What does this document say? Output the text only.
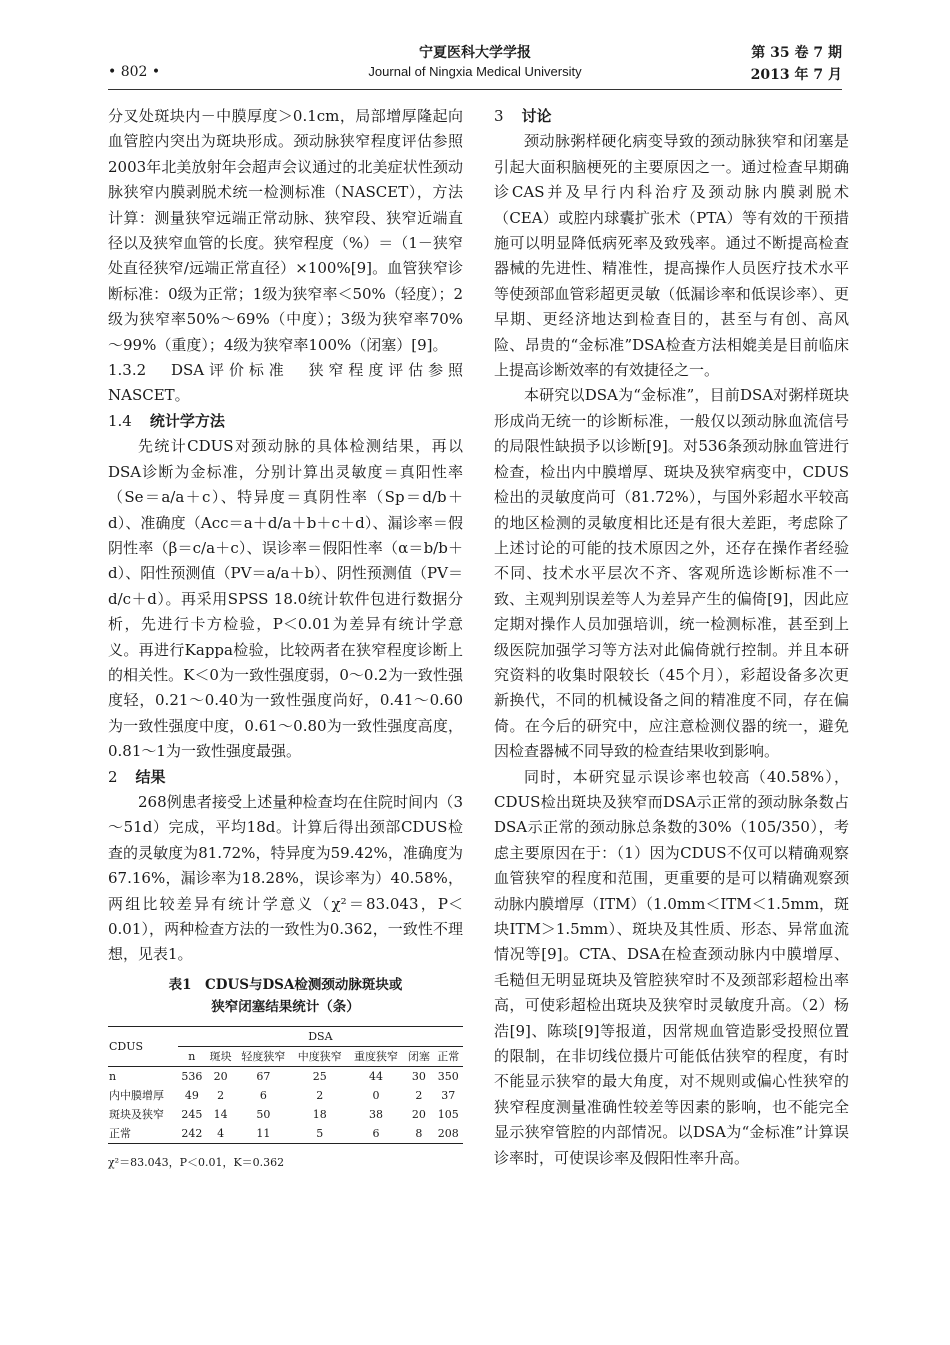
• 802 •
宁夏医科大学学报
Journal of Ningxia Medical University
第 35 卷 7 期
2013 年 7 月

分叉处斑块内－中膜厚度＞0.1cm，局部增厚隆起向血管腔内突出为斑块形成。颈动脉狭窄程度评估参照2003年北美放射年会超声会议通过的北美症状性颈动脉狭窄内膜剥脱术统一检测标准（NASCET），方法计算：测量狭窄远端正常动脉、狭窄段、狭窄近端直径以及狭窄血管的长度。狭窄程度（%）＝（1－狭窄处直径狭窄/远端正常直径）×100%[9]。血管狭窄诊断标准：0级为正常；1级为狭窄率＜50%（轻度）；2级为狭窄率50%～69%（中度）；3级为狭窄率70%～99%（重度）；4级为狭窄率100%（闭塞）[9]。

1.3.2　DSA评价标准　狭窄程度评估参照NASCET。

1.4 统计学方法

先统计CDUS对颈动脉的具体检测结果，再以DSA诊断为金标准，分别计算出灵敏度＝真阳性率（Se＝a/a＋c）、特异度＝真阴性率（Sp＝d/b＋d）、准确度（Acc＝a＋d/a＋b＋c＋d）、漏诊率＝假阴性率（β＝c/a＋c）、误诊率＝假阳性率（α＝b/b＋d）、阳性预测值（PV＝a/a＋b）、阴性预测值（PV＝d/c＋d）。再采用SPSS 18.0统计软件包进行数据分析，先进行卡方检验，P＜0.01为差异有统计学意义。再进行Kappa检验，比较两者在狭窄程度诊断上的相关性。K＜0为一致性强度弱，0～0.2为一致性强度轻，0.21～0.40为一致性强度尚好，0.41～0.60为一致性强度中度，0.61～0.80为一致性强度高度，0.81～1为一致性强度最强。

2 结果

268例患者接受上述量种检查均在住院时间内（3～51d）完成，平均18d。计算后得出颈部CDUS检查的灵敏度为81.72%，特异度为59.42%，准确度为67.16%，漏诊率为18.28%，误诊率为）40.58%，两组比较差异有统计学意义（χ²＝83.043，P＜0.01），两种检查方法的一致性为0.362，一致性不理想，见表1。

表1　CDUS与DSA检测颈动脉斑块或
狭窄闭塞结果统计（条）
CDUS	DSA						
	n	斑块	轻度狭窄	中度狭窄	重度狭窄	闭塞	正常
n	536	20	67	25	44	30	350
内中膜增厚	49	2	6	2	0	2	37
斑块及狭窄	245	14	50	18	38	20	105
正常	242	4	11	5	6	8	208
χ²＝83.043，P＜0.01，K＝0.362

3 讨论

颈动脉粥样硬化病变导致的颈动脉狭窄和闭塞是引起大面积脑梗死的主要原因之一。通过检查早期确诊CAS并及早行内科治疗及颈动脉内膜剥脱术（CEA）或腔内球囊扩张术（PTA）等有效的干预措施可以明显降低病死率及致残率。通过不断提高检查器械的先进性、精准性，提高操作人员医疗技术水平等使颈部血管彩超更灵敏（低漏诊率和低误诊率）、更早期、更经济地达到检查目的，甚至与有创、高风险、昂贵的“金标准”DSA检查方法相媲美是目前临床上提高诊断效率的有效捷径之一。

本研究以DSA为“金标准”，目前DSA对粥样斑块形成尚无统一的诊断标准，一般仅以颈动脉血流信号的局限性缺损予以诊断[9]。对536条颈动脉血管进行检查，检出内中膜增厚、斑块及狭窄病变中，CDUS检出的灵敏度尚可（81.72%），与国外彩超水平较高的地区检测的灵敏度相比还是有很大差距，考虑除了上述讨论的可能的技术原因之外，还存在操作者经验不同、技术水平层次不齐、客观所选诊断标准不一致、主观判别误差等人为差异产生的偏倚[9]，因此应定期对操作人员加强培训，统一检测标准，甚至到上级医院加强学习等方法对此偏倚就行控制。并且本研究资料的收集时限较长（45个月），彩超设备多次更新换代，不同的机械设备之间的精准度不同，存在偏倚。在今后的研究中，应注意检测仪器的统一，避免因检查器械不同导致的检查结果收到影响。

同时，本研究显示误诊率也较高（40.58%），CDUS检出斑块及狭窄而DSA示正常的颈动脉条数占DSA示正常的颈动脉总条数的30%（105/350），考虑主要原因在于：（1）因为CDUS不仅可以精确观察血管狭窄的程度和范围，更重要的是可以精确观察颈动脉内膜增厚（ITM）（1.0mm＜ITM＜1.5mm，斑块ITM＞1.5mm）、斑块及其性质、形态、异常血流情况等[9]。CTA、DSA在检查颈动脉内中膜增厚、毛糙但无明显斑块及管腔狭窄时不及颈部彩超检出率高，可使彩超检出斑块及狭窄时灵敏度升高。（2）杨浩[9]、陈琰[9]等报道，因常规血管造影受投照位置的限制，在非切线位摄片可能低估狭窄的程度，有时不能显示狭窄的最大角度，对不规则或偏心性狭窄的狭窄程度测量准确性较差等因素的影响，也不能完全显示狭窄管腔的内部情况。以DSA为“金标准”计算误诊率时，可使误诊率及假阳性率升高。
